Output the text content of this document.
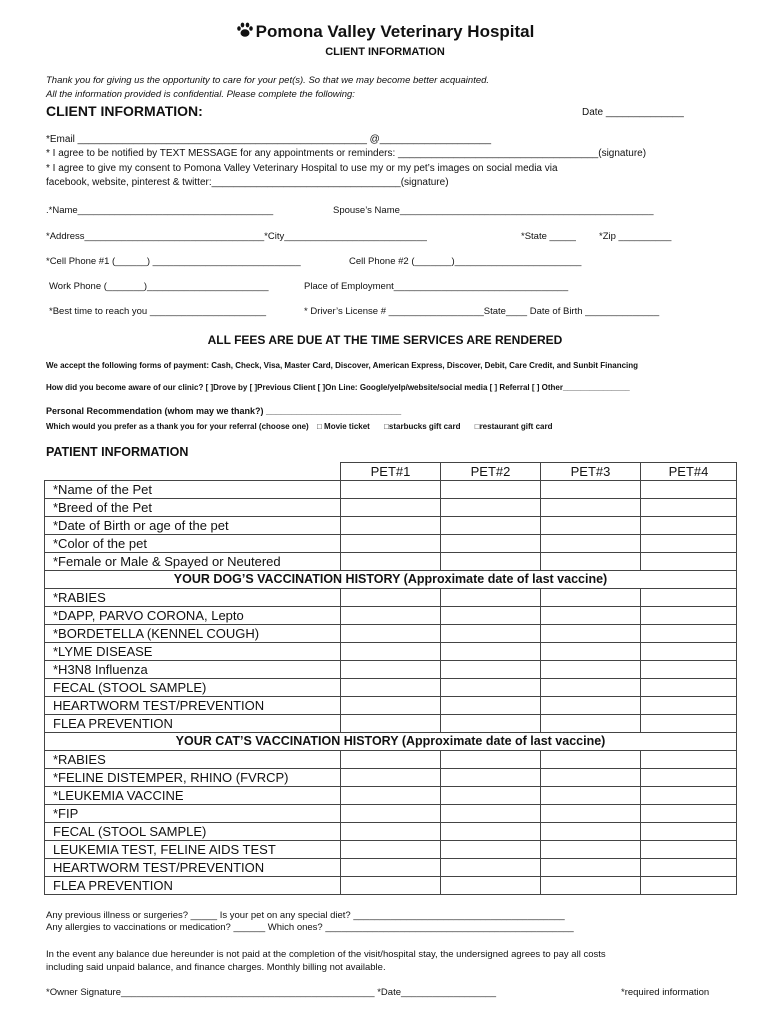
Pomona Valley Veterinary Hospital
CLIENT INFORMATION
Thank you for giving us the opportunity to care for your pet(s). So that we may become better acquainted.
All the information provided is confidential. Please complete the following:
CLIENT INFORMATION:	Date ______________
*Email ____________________________________________________ @____________________
* I agree to be notified by TEXT MESSAGE for any appointments or reminders: ____________________________________(signature)
* I agree to give my consent to Pomona Valley Veterinary Hospital to use my or my pet’s images on social media via
facebook, website, pinterest & twitter:__________________________________(signature)
.*Name_____________________________________	Spouse’s Name________________________________________________
*Address__________________________________*City___________________________	*State _____ *Zip __________
*Cell Phone #1 (______) ____________________________	Cell Phone #2 (_______)________________________
Work Phone (_______)_______________________	Place of Employment_________________________________
*Best time to reach you ______________________	* Driver’s License # __________________State____ Date of Birth ______________
ALL FEES ARE DUE AT THE TIME SERVICES ARE RENDERED
We accept the following forms of payment: Cash, Check, Visa, Master Card, Discover, American Express, Discover, Debit, Care Credit, and Sunbit Financing
How did you become aware of our clinic? [ ]Drove by [ ]Previous Client [ ]On Line: Google/yelp/website/social media [ ] Referral [ ] Other_______________
Personal Recommendation (whom may we thank?) ___________________________
Which would you prefer as a thank you for your referral (choose one) □ Movie ticket □starbucks gift card □restaurant gift card
PATIENT INFORMATION
	PET#1	PET#2	PET#3	PET#4
*Name of the Pet				
*Breed of the Pet				
*Date of Birth or age of the pet				
*Color of the pet				
*Female or Male & Spayed or Neutered				
YOUR DOG’S VACCINATION HISTORY (Approximate date of last vaccine)				
*RABIES				
*DAPP, PARVO CORONA, Lepto				
*BORDETELLA (KENNEL COUGH)				
*LYME DISEASE				
*H3N8 Influenza				
FECAL (STOOL SAMPLE)				
HEARTWORM TEST/PREVENTION				
FLEA PREVENTION				
YOUR CAT’S VACCINATION HISTORY (Approximate date of last vaccine)				
*RABIES				
*FELINE DISTEMPER, RHINO (FVRCP)				
*LEUKEMIA VACCINE				
*FIP				
FECAL (STOOL SAMPLE)				
LEUKEMIA TEST, FELINE AIDS TEST				
HEARTWORM TEST/PREVENTION				
FLEA PREVENTION				
Any previous illness or surgeries? _____ Is your pet on any special diet? ________________________________________
Any allergies to vaccinations or medication? ______ Which ones? _______________________________________________
In the event any balance due hereunder is not paid at the completion of the visit/hospital stay, the undersigned agrees to pay all costs
including said unpaid balance, and finance charges. Monthly billing not available.
*Owner Signature________________________________________________ *Date__________________	*required information
